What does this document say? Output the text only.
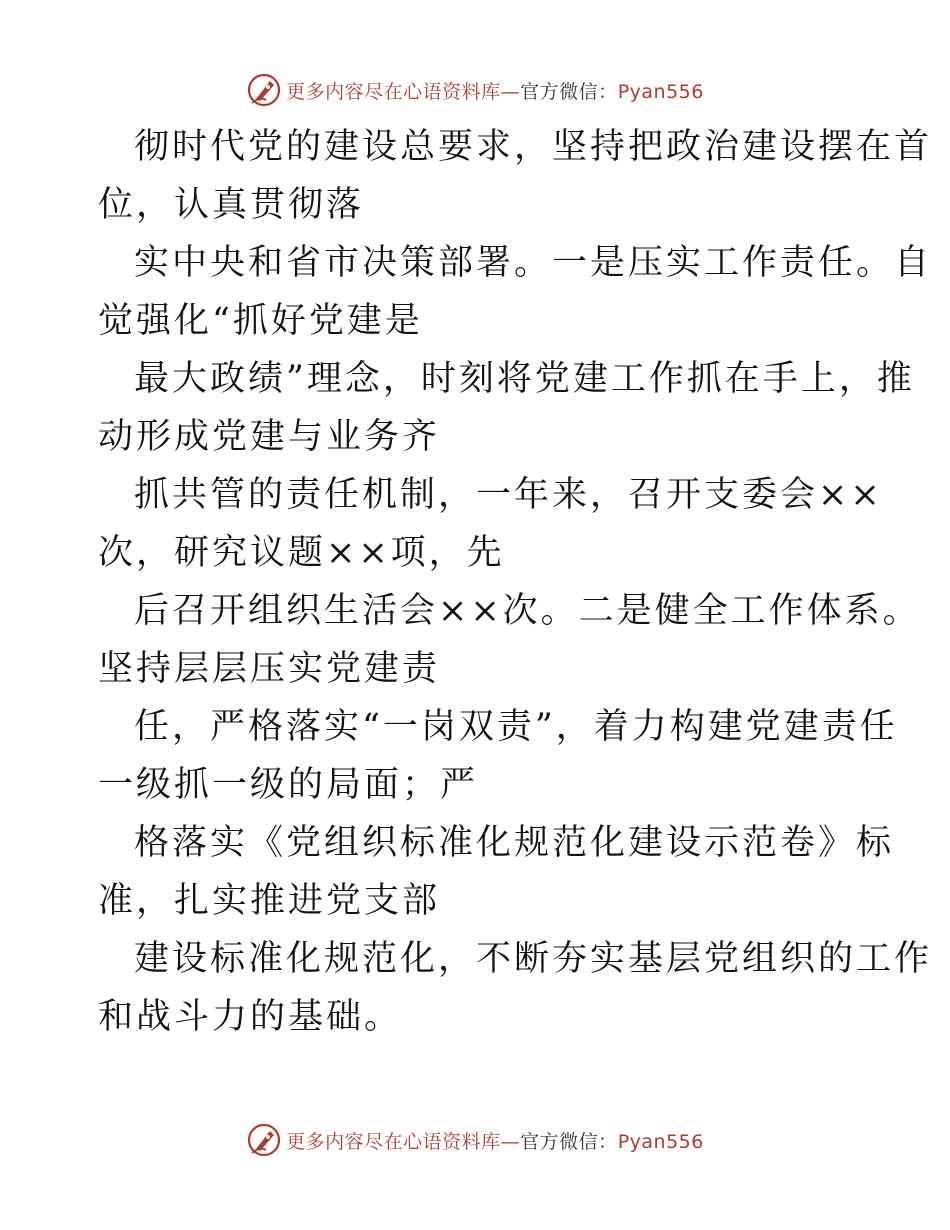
更多内容尽在心语资料库 — 官方微信： Pyan556
彻时代党的建设总要求，坚持把政治建设摆在首
位，认真贯彻落
实中央和省市决策部署。一是压实工作责任。自
觉强化“抓好党建是
最大政绩”理念，时刻将党建工作抓在手上，推
动形成党建与业务齐
抓共管的责任机制，一年来，召开支委会××
次，研究议题××项，先
后召开组织生活会××次。二是健全工作体系。
坚持层层压实党建责
任，严格落实“一岗双责”，着力构建党建责任
一级抓一级的局面；严
格落实《党组织标准化规范化建设示范卷》标
准，扎实推进党支部
建设标准化规范化，不断夯实基层党组织的工作
和战斗力的基础。
更多内容尽在心语资料库 — 官方微信： Pyan556
